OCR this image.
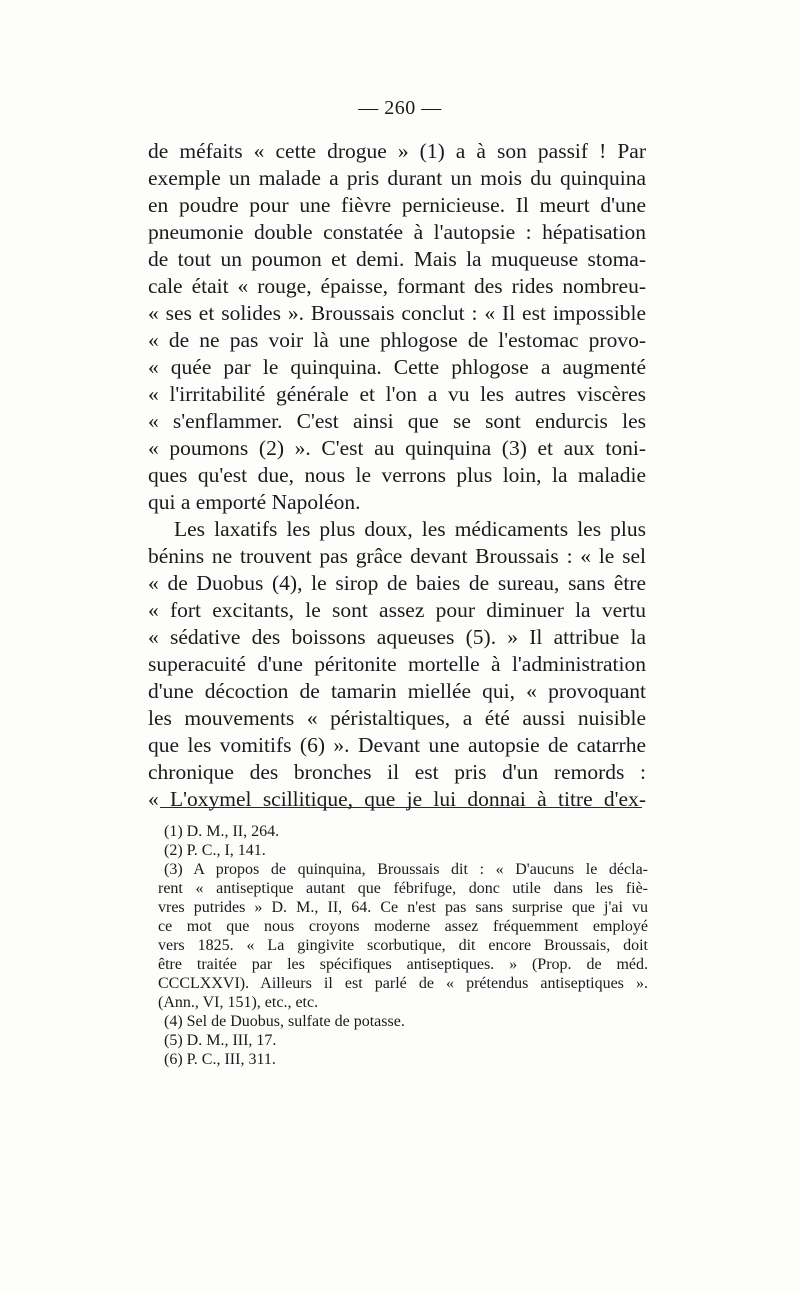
— 260 —
de méfaits « cette drogue » (1) a à son passif ! Par
exemple un malade a pris durant un mois du quinquina
en poudre pour une fièvre pernicieuse. Il meurt d'une
pneumonie double constatée à l'autopsie : hépatisation
de tout un poumon et demi. Mais la muqueuse stoma-
cale était « rouge, épaisse, formant des rides nombreu-
« ses et solides ». Broussais conclut : « Il est impossible
« de ne pas voir là une phlogose de l'estomac provo-
« quée par le quinquina. Cette phlogose a augmenté
« l'irritabilité générale et l'on a vu les autres viscères
« s'enflammer. C'est ainsi que se sont endurcis les
« poumons (2) ». C'est au quinquina (3) et aux toni-
ques qu'est due, nous le verrons plus loin, la maladie
qui a emporté Napoléon.
Les laxatifs les plus doux, les médicaments les plus
bénins ne trouvent pas grâce devant Broussais : « le sel
« de Duobus (4), le sirop de baies de sureau, sans être
« fort excitants, le sont assez pour diminuer la vertu
« sédative des boissons aqueuses (5). » Il attribue la
superacuité d'une péritonite mortelle à l'administration
d'une décoction de tamarin miellée qui, « provoquant
les mouvements « péristaltiques, a été aussi nuisible
que les vomitifs (6) ». Devant une autopsie de catarrhe
chronique des bronches il est pris d'un remords :
« L'oxymel scillitique, que je lui donnai à titre d'ex-
(1) D. M., II, 264.
(2) P. C., I, 141.
(3) A propos de quinquina, Broussais dit : « D'aucuns le décla-
rent « antiseptique autant que fébrifuge, donc utile dans les fiè-
vres putrides » D. M., II, 64. Ce n'est pas sans surprise que j'ai vu
ce mot que nous croyons moderne assez fréquemment employé
vers 1825. « La gingivite scorbutique, dit encore Broussais, doit
être traitée par les spécifiques antiseptiques. » (Prop. de méd.
CCCLXXVI). Ailleurs il est parlé de « prétendus antiseptiques ».
(Ann., VI, 151), etc., etc.
(4) Sel de Duobus, sulfate de potasse.
(5) D. M., III, 17.
(6) P. C., III, 311.
